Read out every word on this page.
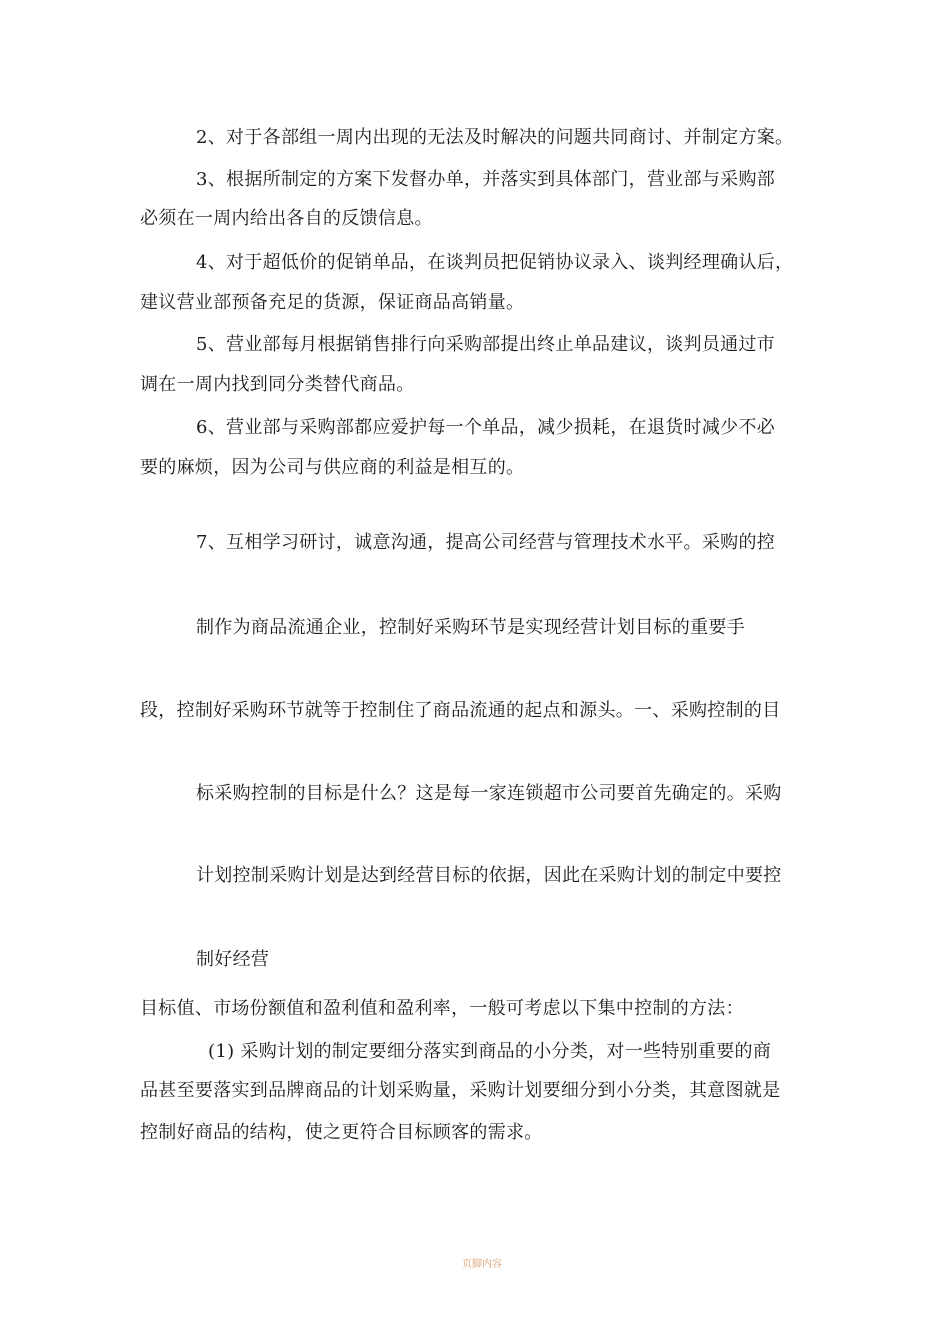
2、对于各部组一周内出现的无法及时解决的问题共同商讨、并制定方案。
3、根据所制定的方案下发督办单，并落实到具体部门，营业部与采购部
必须在一周内给出各自的反馈信息。
4、对于超低价的促销单品，在谈判员把促销协议录入、谈判经理确认后，
建议营业部预备充足的货源，保证商品高销量。
5、营业部每月根据销售排行向采购部提出终止单品建议，谈判员通过市
调在一周内找到同分类替代商品。
6、营业部与采购部都应爱护每一个单品，减少损耗，在退货时减少不必
要的麻烦，因为公司与供应商的利益是相互的。
7、互相学习研讨，诚意沟通，提高公司经营与管理技术水平。采购的控
制作为商品流通企业，控制好采购环节是实现经营计划目标的重要手
段，控制好采购环节就等于控制住了商品流通的起点和源头。一、采购控制的目
标采购控制的目标是什么？这是每一家连锁超市公司要首先确定的。采购
计划控制采购计划是达到经营目标的依据，因此在采购计划的制定中要控
制好经营
目标值、市场份额值和盈利值和盈利率，一般可考虑以下集中控制的方法：
(1) 采购计划的制定要细分落实到商品的小分类，对一些特别重要的商
品甚至要落实到品牌商品的计划采购量，采购计划要细分到小分类，其意图就是
控制好商品的结构，使之更符合目标顾客的需求。
页脚内容
